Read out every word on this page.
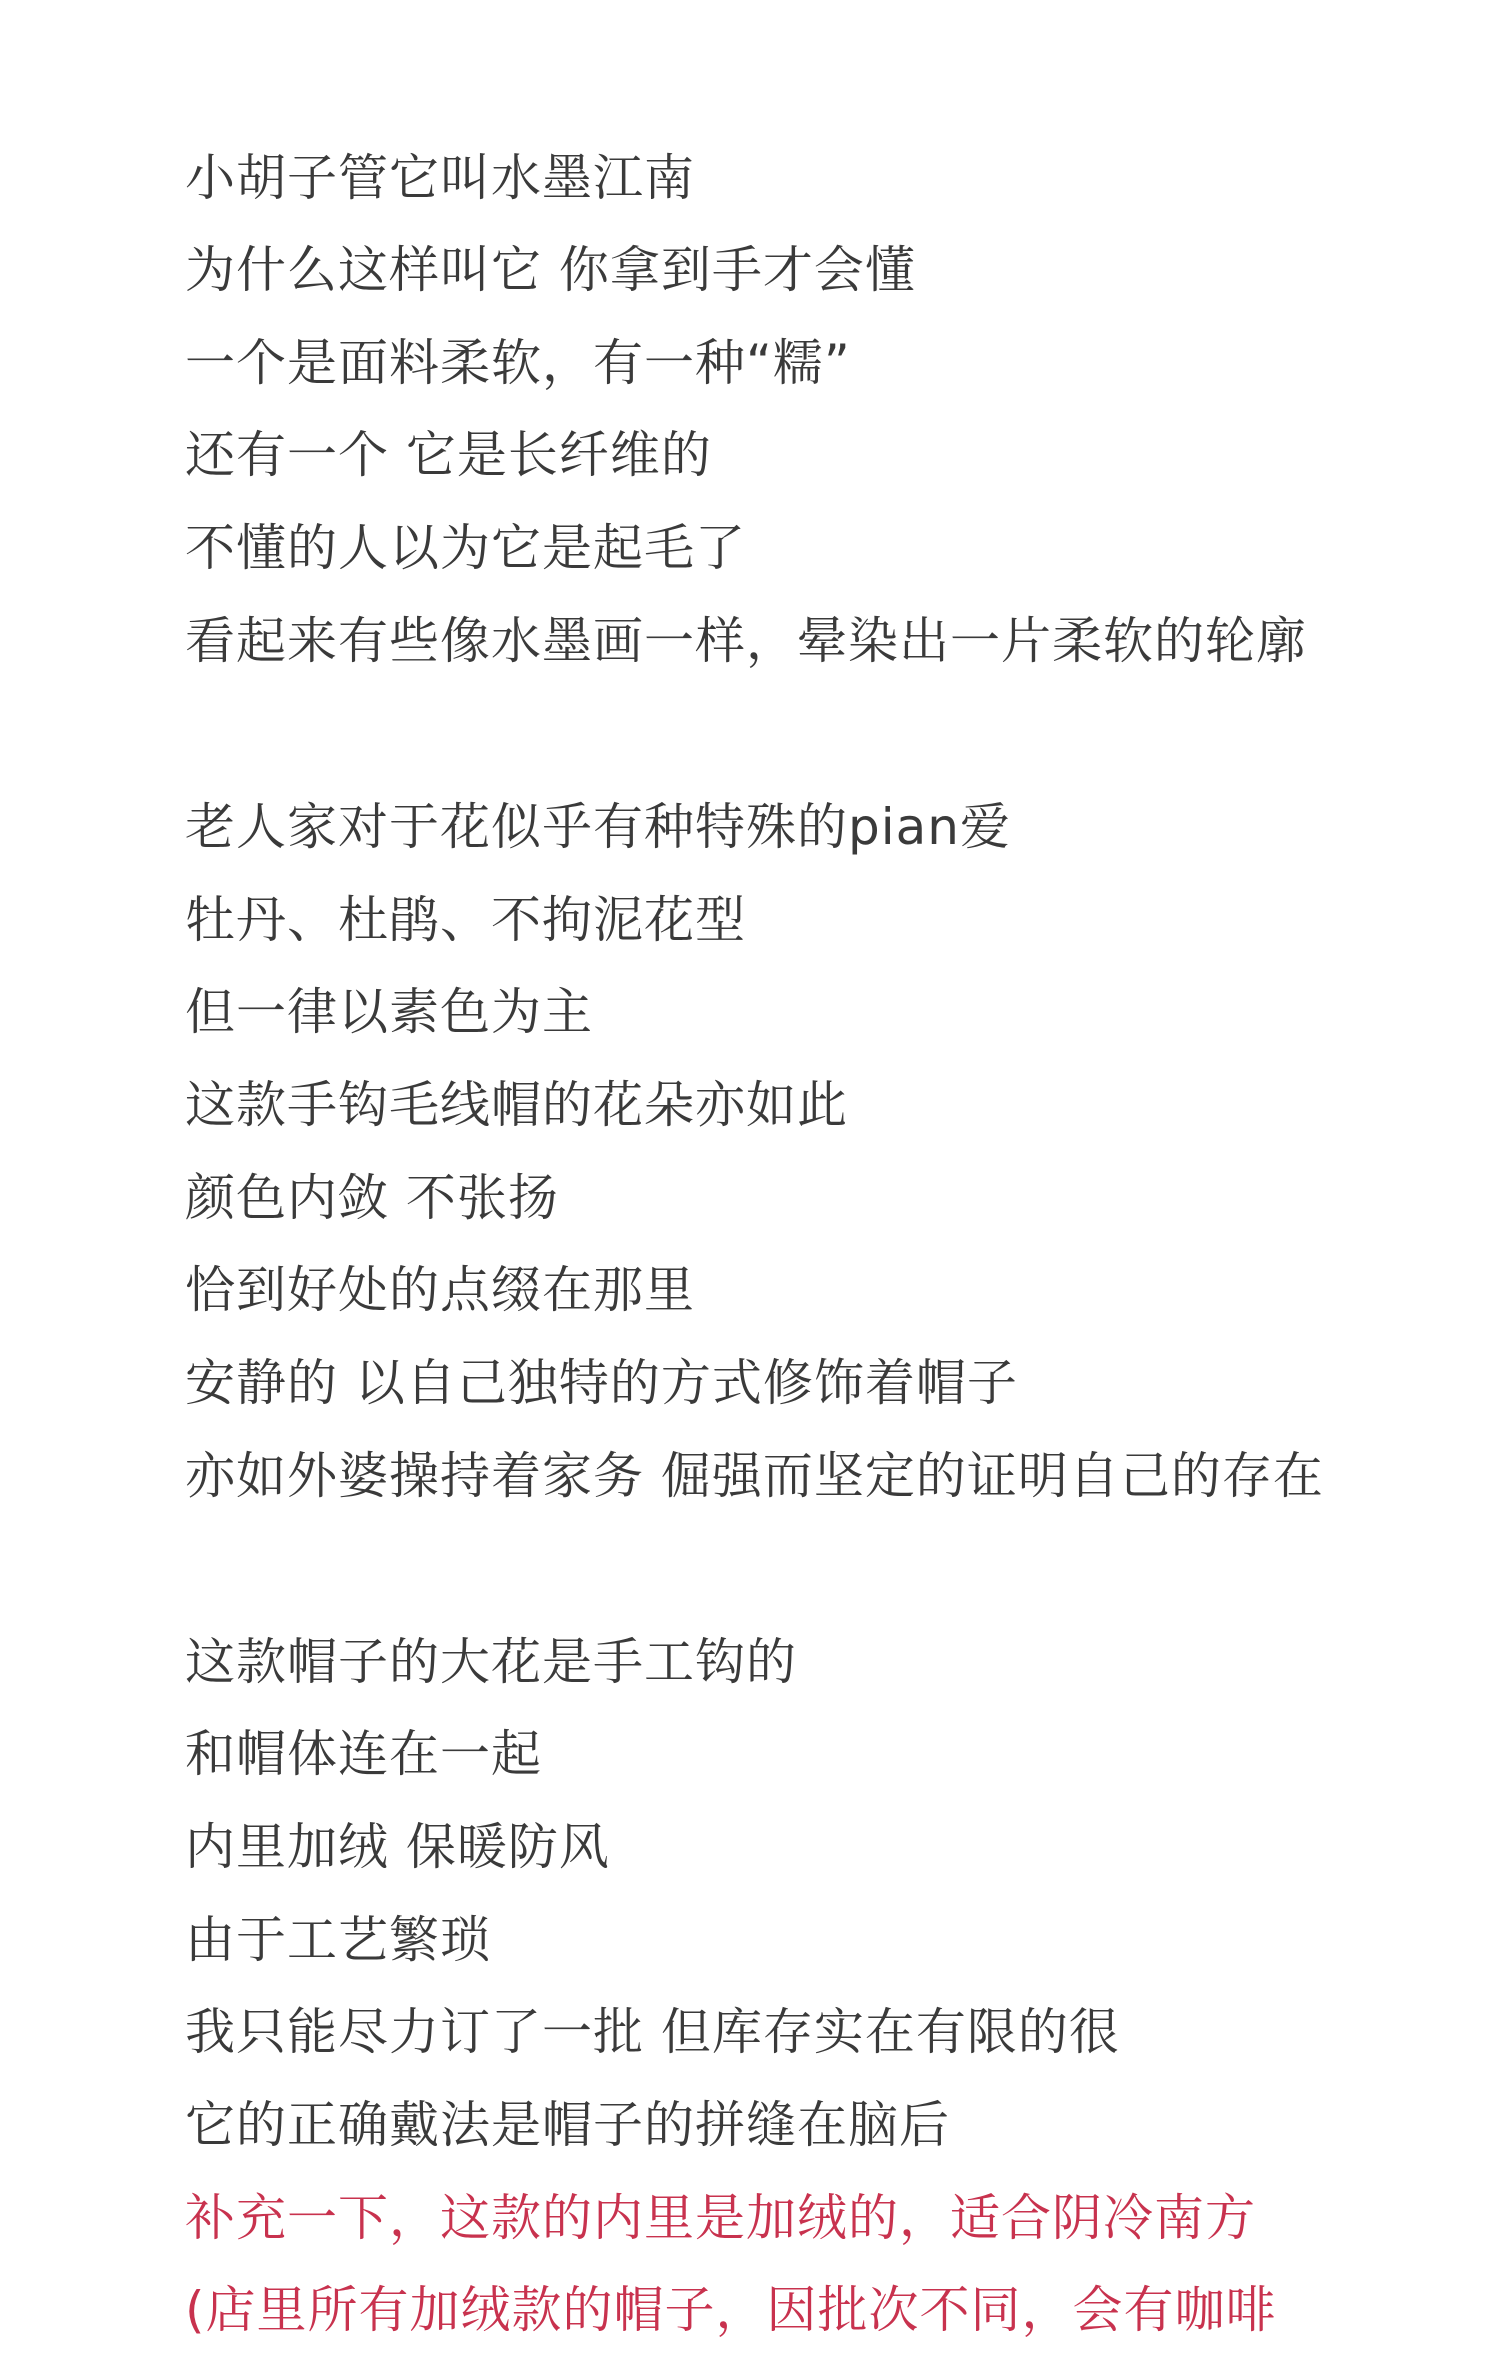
小胡子管它叫水墨江南
为什么这样叫它 你拿到手才会懂
一个是面料柔软，有一种“糯”
还有一个 它是长纤维的
不懂的人以为它是起毛了
看起来有些像水墨画一样，晕染出一片柔软的轮廓
老人家对于花似乎有种特殊的pian爱
牡丹、杜鹃、不拘泥花型
但一律以素色为主
这款手钩毛线帽的花朵亦如此
颜色内敛 不张扬
恰到好处的点缀在那里
安静的 以自己独特的方式修饰着帽子
亦如外婆操持着家务 倔强而坚定的证明自己的存在
这款帽子的大花是手工钩的
和帽体连在一起
内里加绒 保暖防风
由于工艺繁琐
我只能尽力订了一批 但库存实在有限的很
它的正确戴法是帽子的拼缝在脑后
补充一下，这款的内里是加绒的，适合阴冷南方
(店里所有加绒款的帽子，因批次不同，会有咖啡
